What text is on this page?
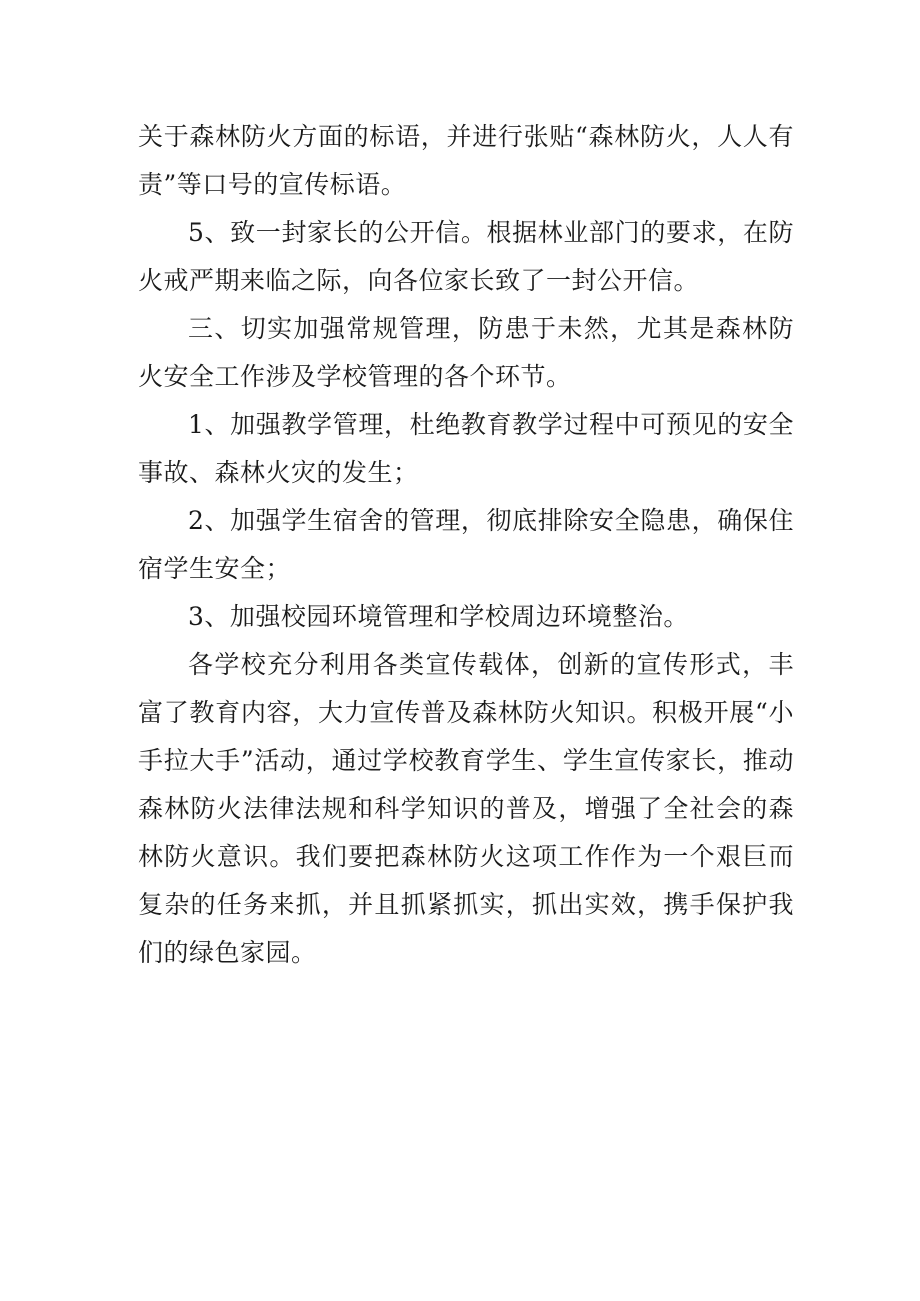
关于森林防火方面的标语，并进行张贴“森林防火，人人有责”等口号的宣传标语。

5、致一封家长的公开信。根据林业部门的要求，在防火戒严期来临之际，向各位家长致了一封公开信。

三、切实加强常规管理，防患于未然，尤其是森林防火安全工作涉及学校管理的各个环节。

1、加强教学管理，杜绝教育教学过程中可预见的安全事故、森林火灾的发生；

2、加强学生宿舍的管理，彻底排除安全隐患，确保住宿学生安全；

3、加强校园环境管理和学校周边环境整治。

各学校充分利用各类宣传载体，创新的宣传形式，丰富了教育内容，大力宣传普及森林防火知识。积极开展“小手拉大手”活动，通过学校教育学生、学生宣传家长，推动森林防火法律法规和科学知识的普及，增强了全社会的森林防火意识。我们要把森林防火这项工作作为一个艰巨而复杂的任务来抓，并且抓紧抓实，抓出实效，携手保护我们的绿色家园。
